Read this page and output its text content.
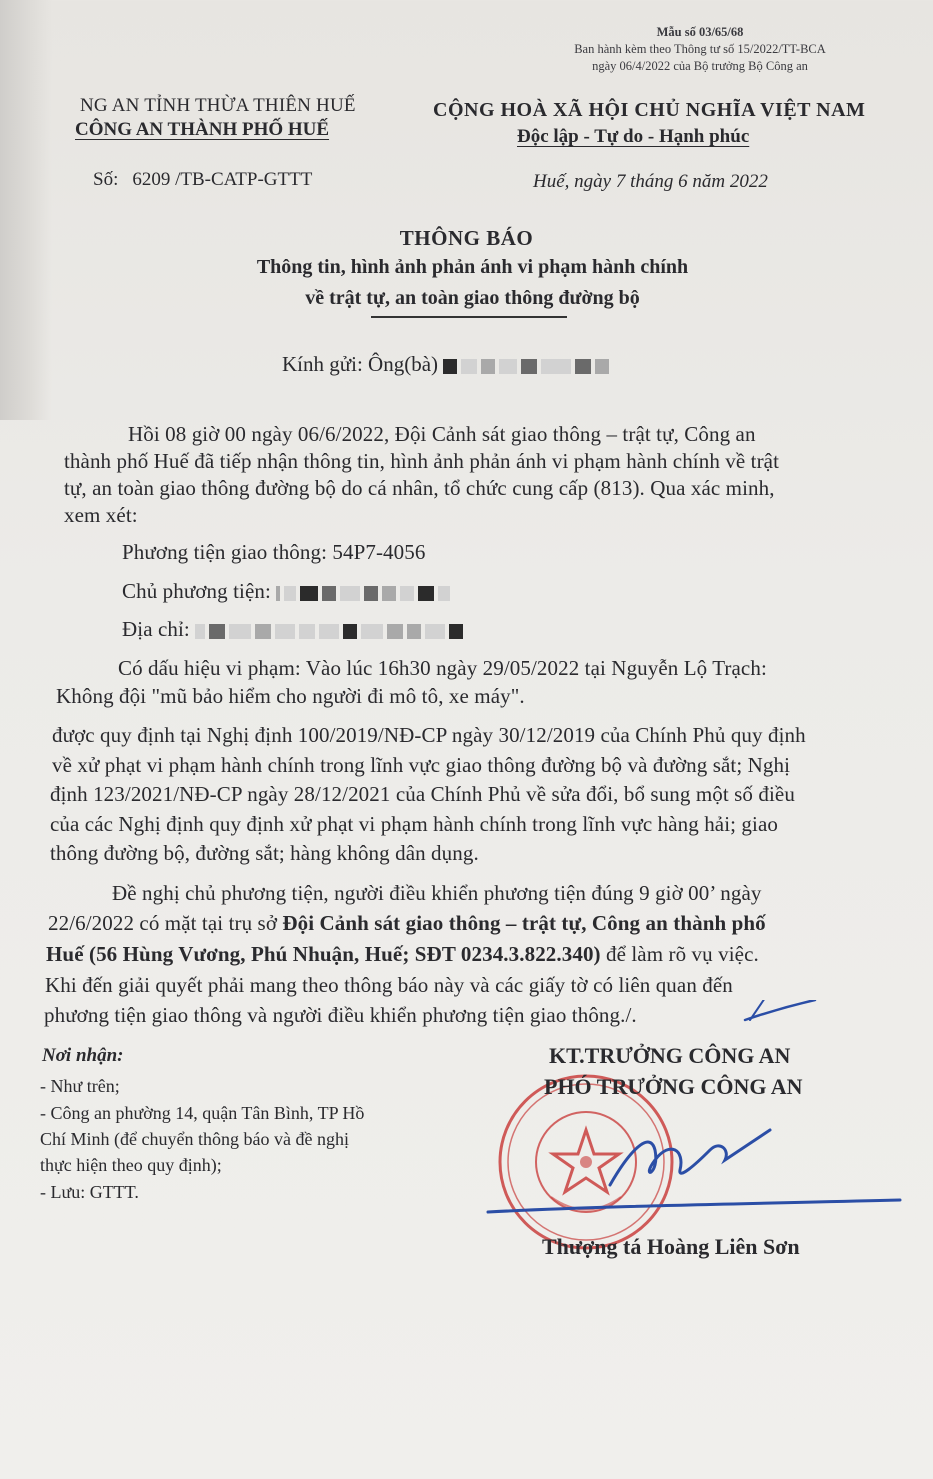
Mẫu số 03/65/68
Ban hành kèm theo Thông tư số 15/2022/TT-BCA
ngày 06/4/2022 của Bộ trưởng Bộ Công an
NG AN TỈNH THỪA THIÊN HUẾ
CÔNG AN THÀNH PHỐ HUẾ
CỘNG HOÀ XÃ HỘI CHỦ NGHĨA VIỆT NAM
Độc lập - Tự do - Hạnh phúc
Số: 6209 /TB-CATP-GTTT	Huế, ngày 7 tháng 6 năm 2022
THÔNG BÁO
Thông tin, hình ảnh phản ánh vi phạm hành chính
về trật tự, an toàn giao thông đường bộ
Kính gửi: Ông(bà)
Hồi 08 giờ 00 ngày 06/6/2022, Đội Cảnh sát giao thông – trật tự, Công an
thành phố Huế đã tiếp nhận thông tin, hình ảnh phản ánh vi phạm hành chính về trật
tự, an toàn giao thông đường bộ do cá nhân, tổ chức cung cấp (813). Qua xác minh,
xem xét:
Phương tiện giao thông: 54P7-4056
Chủ phương tiện:
Địa chỉ:
Có dấu hiệu vi phạm: Vào lúc 16h30 ngày 29/05/2022 tại Nguyễn Lộ Trạch:
Không đội "mũ bảo hiểm cho người đi mô tô, xe máy".
được quy định tại Nghị định 100/2019/NĐ-CP ngày 30/12/2019 của Chính Phủ quy định
về xử phạt vi phạm hành chính trong lĩnh vực giao thông đường bộ và đường sắt; Nghị
định 123/2021/NĐ-CP ngày 28/12/2021 của Chính Phủ về sửa đổi, bổ sung một số điều
của các Nghị định quy định xử phạt vi phạm hành chính trong lĩnh vực hàng hải; giao
thông đường bộ, đường sắt; hàng không dân dụng.
Đề nghị chủ phương tiện, người điều khiển phương tiện đúng 9 giờ 00’ ngày
22/6/2022 có mặt tại trụ sở Đội Cảnh sát giao thông – trật tự, Công an thành phố
Huế (56 Hùng Vương, Phú Nhuận, Huế; SĐT 0234.3.822.340) để làm rõ vụ việc.
Khi đến giải quyết phải mang theo thông báo này và các giấy tờ có liên quan đến
phương tiện giao thông và người điều khiển phương tiện giao thông./.
Nơi nhận:
- Như trên;
- Công an phường 14, quận Tân Bình, TP Hồ
Chí Minh (để chuyển thông báo và đề nghị
thực hiện theo quy định);
- Lưu: GTTT.
KT.TRƯỞNG CÔNG AN
PHÓ TRƯỞNG CÔNG AN
Thượng tá Hoàng Liên Sơn
